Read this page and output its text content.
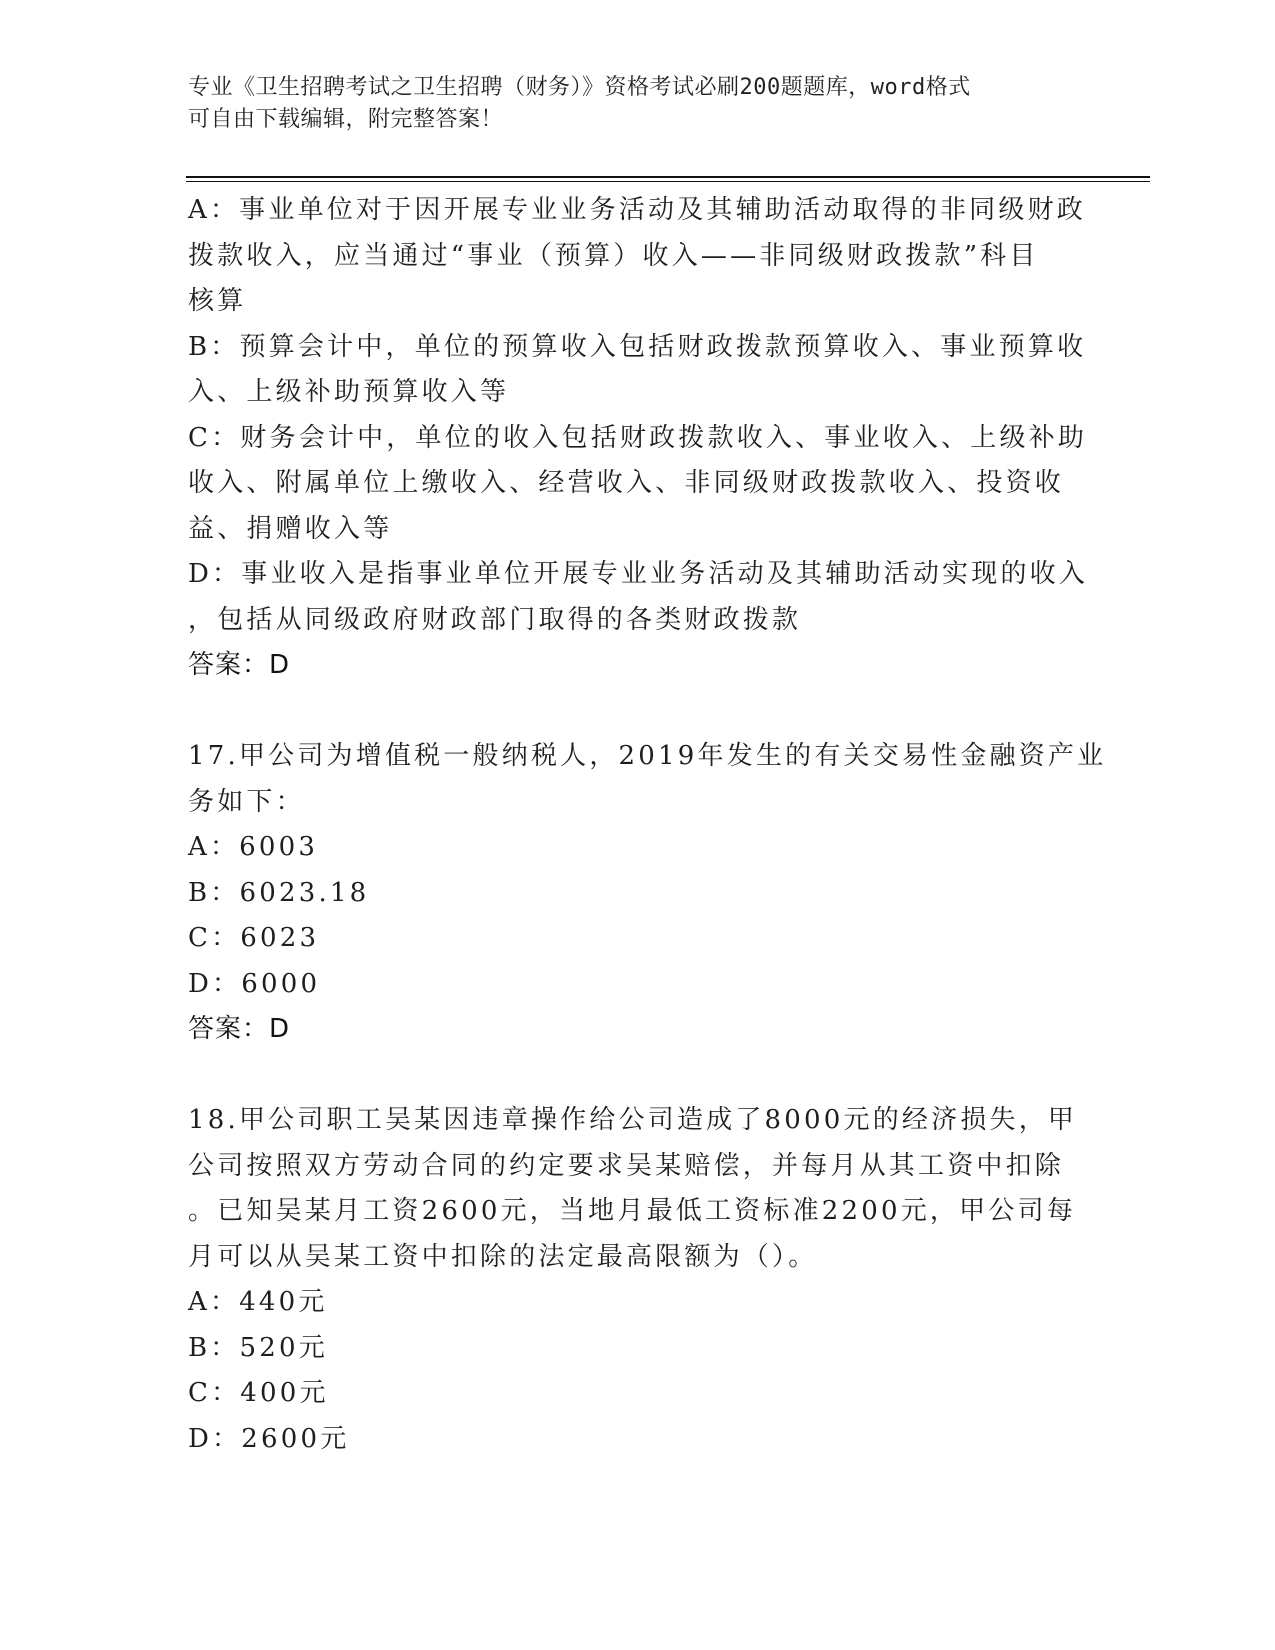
专业《卫生招聘考试之卫生招聘（财务）》资格考试必刷200题题库，word格式
可自由下载编辑，附完整答案！
A：事业单位对于因开展专业业务活动及其辅助活动取得的非同级财政
拨款收入，应当通过“事业（预算）收入——非同级财政拨款”科目
核算
B：预算会计中，单位的预算收入包括财政拨款预算收入、事业预算收
入、上级补助预算收入等
C：财务会计中，单位的收入包括财政拨款收入、事业收入、上级补助
收入、附属单位上缴收入、经营收入、非同级财政拨款收入、投资收
益、捐赠收入等
D：事业收入是指事业单位开展专业业务活动及其辅助活动实现的收入
，包括从同级政府财政部门取得的各类财政拨款
答案：D
17.甲公司为增值税一般纳税人，2019年发生的有关交易性金融资产业
务如下：
A：6003
B：6023.18
C：6023
D：6000
答案：D
18.甲公司职工吴某因违章操作给公司造成了8000元的经济损失，甲
公司按照双方劳动合同的约定要求吴某赔偿，并每月从其工资中扣除
。已知吴某月工资2600元，当地月最低工资标准2200元，甲公司每
月可以从吴某工资中扣除的法定最高限额为（）。
A：440元
B：520元
C：400元
D：2600元
